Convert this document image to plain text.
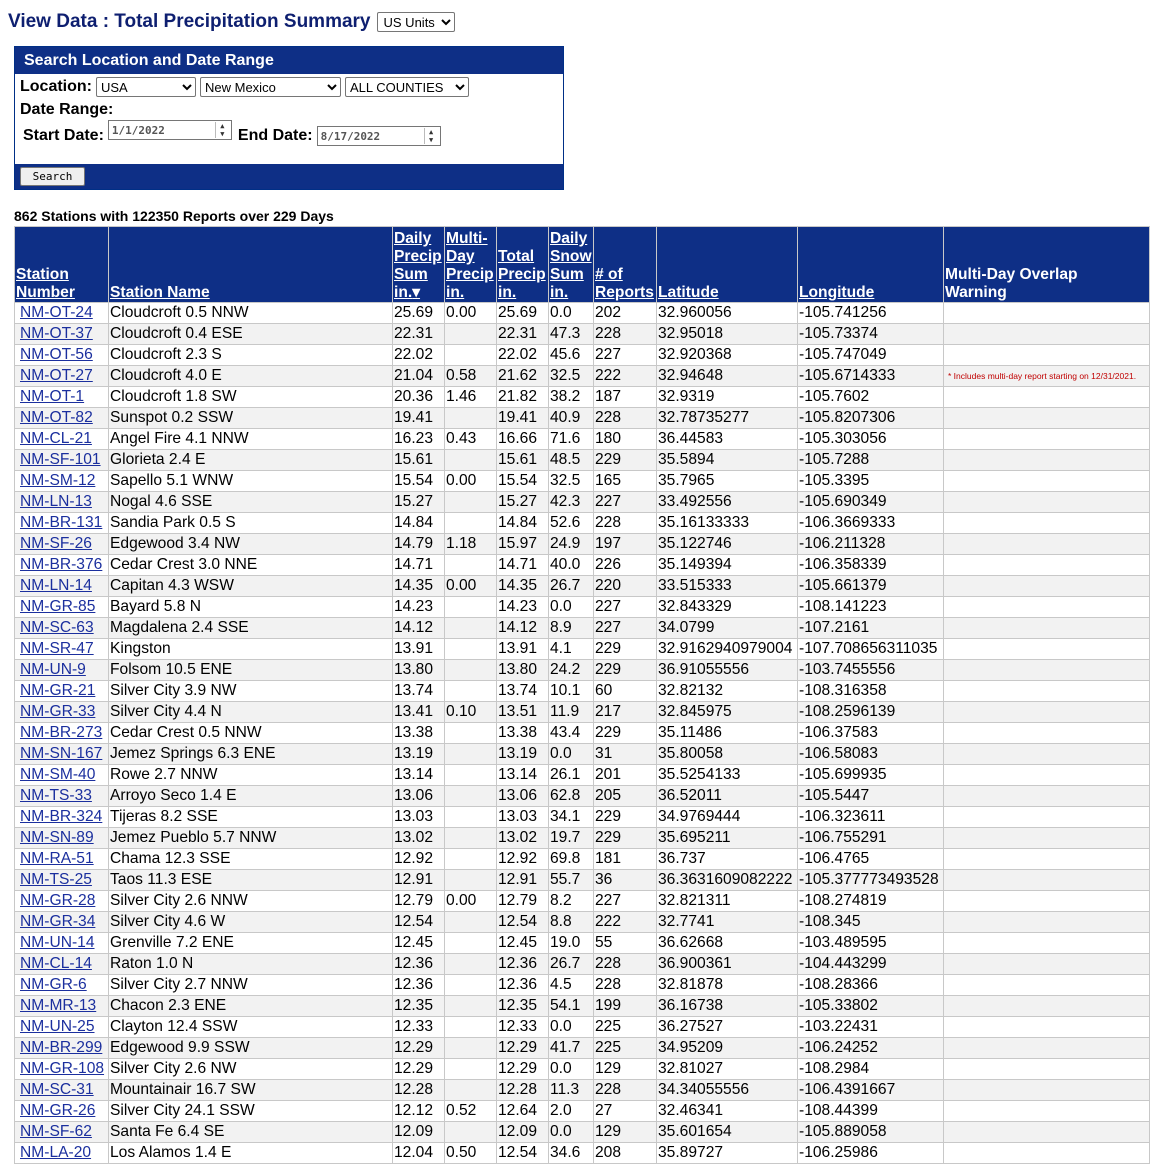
View Data : Total Precipitation Summary
US Units
Search Location and Date Range
Location:
USA
New Mexico
ALL COUNTIES
Date Range:
Start Date: 1/1/2022	▲
▼ End Date: 8/17/2022	▲
▼
Search
862 Stations with 122350 Reports over 229 Days
Station
Number	Station Name	Daily
Precip
Sum
in.▾	Multi-
Day
Precip
in.	Total
Precip
in.	Daily
Snow
Sum
in.	# of
Reports	Latitude	Longitude	Multi-Day Overlap
Warning
NM-OT-24	Cloudcroft 0.5 NNW	25.69	0.00	25.69	0.0	202	32.960056	-105.741256	
NM-OT-37	Cloudcroft 0.4 ESE	22.31		22.31	47.3	228	32.95018	-105.73374	
NM-OT-56	Cloudcroft 2.3 S	22.02		22.02	45.6	227	32.920368	-105.747049	
NM-OT-27	Cloudcroft 4.0 E	21.04	0.58	21.62	32.5	222	32.94648	-105.6714333	* Includes multi-day report starting on 12/31/2021.
NM-OT-1	Cloudcroft 1.8 SW	20.36	1.46	21.82	38.2	187	32.9319	-105.7602	
NM-OT-82	Sunspot 0.2 SSW	19.41		19.41	40.9	228	32.78735277	-105.8207306	
NM-CL-21	Angel Fire 4.1 NNW	16.23	0.43	16.66	71.6	180	36.44583	-105.303056	
NM-SF-101	Glorieta 2.4 E	15.61		15.61	48.5	229	35.5894	-105.7288	
NM-SM-12	Sapello 5.1 WNW	15.54	0.00	15.54	32.5	165	35.7965	-105.3395	
NM-LN-13	Nogal 4.6 SSE	15.27		15.27	42.3	227	33.492556	-105.690349	
NM-BR-131	Sandia Park 0.5 S	14.84		14.84	52.6	228	35.16133333	-106.3669333	
NM-SF-26	Edgewood 3.4 NW	14.79	1.18	15.97	24.9	197	35.122746	-106.211328	
NM-BR-376	Cedar Crest 3.0 NNE	14.71		14.71	40.0	226	35.149394	-106.358339	
NM-LN-14	Capitan 4.3 WSW	14.35	0.00	14.35	26.7	220	33.515333	-105.661379	
NM-GR-85	Bayard 5.8 N	14.23		14.23	0.0	227	32.843329	-108.141223	
NM-SC-63	Magdalena 2.4 SSE	14.12		14.12	8.9	227	34.0799	-107.2161	
NM-SR-47	Kingston	13.91		13.91	4.1	229	32.9162940979004	-107.708656311035	
NM-UN-9	Folsom 10.5 ENE	13.80		13.80	24.2	229	36.91055556	-103.7455556	
NM-GR-21	Silver City 3.9 NW	13.74		13.74	10.1	60	32.82132	-108.316358	
NM-GR-33	Silver City 4.4 N	13.41	0.10	13.51	11.9	217	32.845975	-108.2596139	
NM-BR-273	Cedar Crest 0.5 NNW	13.38		13.38	43.4	229	35.11486	-106.37583	
NM-SN-167	Jemez Springs 6.3 ENE	13.19		13.19	0.0	31	35.80058	-106.58083	
NM-SM-40	Rowe 2.7 NNW	13.14		13.14	26.1	201	35.5254133	-105.699935	
NM-TS-33	Arroyo Seco 1.4 E	13.06		13.06	62.8	205	36.52011	-105.5447	
NM-BR-324	Tijeras 8.2 SSE	13.03		13.03	34.1	229	34.9769444	-106.323611	
NM-SN-89	Jemez Pueblo 5.7 NNW	13.02		13.02	19.7	229	35.695211	-106.755291	
NM-RA-51	Chama 12.3 SSE	12.92		12.92	69.8	181	36.737	-106.4765	
NM-TS-25	Taos 11.3 ESE	12.91		12.91	55.7	36	36.3631609082222	-105.377773493528	
NM-GR-28	Silver City 2.6 NNW	12.79	0.00	12.79	8.2	227	32.821311	-108.274819	
NM-GR-34	Silver City 4.6 W	12.54		12.54	8.8	222	32.7741	-108.345	
NM-UN-14	Grenville 7.2 ENE	12.45		12.45	19.0	55	36.62668	-103.489595	
NM-CL-14	Raton 1.0 N	12.36		12.36	26.7	228	36.900361	-104.443299	
NM-GR-6	Silver City 2.7 NNW	12.36		12.36	4.5	228	32.81878	-108.28366	
NM-MR-13	Chacon 2.3 ENE	12.35		12.35	54.1	199	36.16738	-105.33802	
NM-UN-25	Clayton 12.4 SSW	12.33		12.33	0.0	225	36.27527	-103.22431	
NM-BR-299	Edgewood 9.9 SSW	12.29		12.29	41.7	225	34.95209	-106.24252	
NM-GR-108	Silver City 2.6 NW	12.29		12.29	0.0	129	32.81027	-108.2984	
NM-SC-31	Mountainair 16.7 SW	12.28		12.28	11.3	228	34.34055556	-106.4391667	
NM-GR-26	Silver City 24.1 SSW	12.12	0.52	12.64	2.0	27	32.46341	-108.44399	
NM-SF-62	Santa Fe 6.4 SE	12.09		12.09	0.0	129	35.601654	-105.889058	
NM-LA-20	Los Alamos 1.4 E	12.04	0.50	12.54	34.6	208	35.89727	-106.25986	
